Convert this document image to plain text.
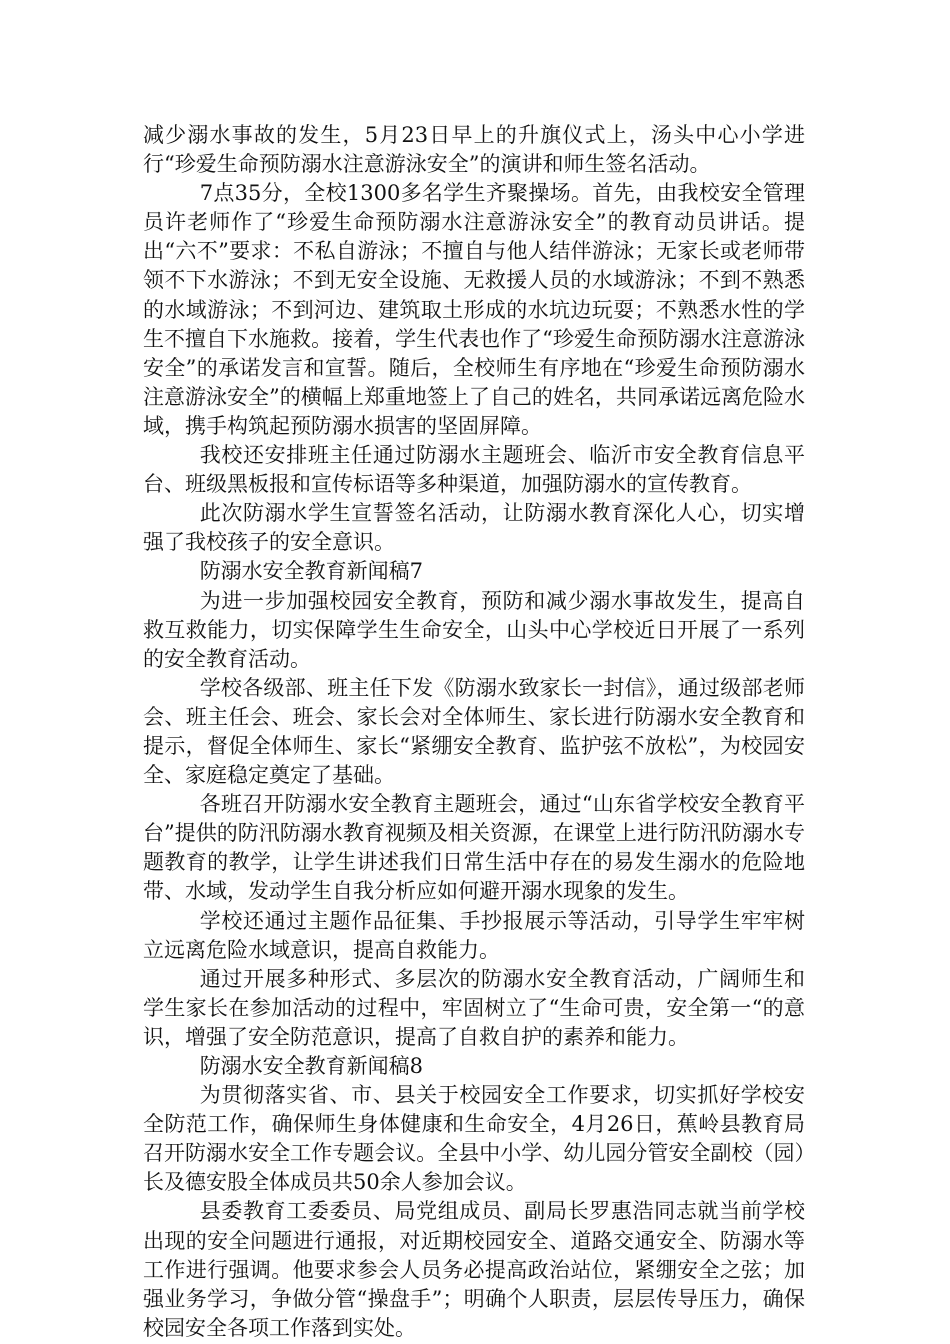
减少溺水事故的发生，5月23日早上的升旗仪式上，汤头中心小学进行“珍爱生命预防溺水注意游泳安全”的演讲和师生签名活动。

7点35分，全校1300多名学生齐聚操场。首先，由我校安全管理员许老师作了“珍爱生命预防溺水注意游泳安全”的教育动员讲话。提出“六不”要求：不私自游泳；不擅自与他人结伴游泳；无家长或老师带领不下水游泳；不到无安全设施、无救援人员的水域游泳；不到不熟悉的水域游泳；不到河边、建筑取土形成的水坑边玩耍；不熟悉水性的学生不擅自下水施救。接着，学生代表也作了“珍爱生命预防溺水注意游泳安全”的承诺发言和宣誓。随后，全校师生有序地在“珍爱生命预防溺水注意游泳安全”的横幅上郑重地签上了自己的姓名，共同承诺远离危险水域，携手构筑起预防溺水损害的坚固屏障。

我校还安排班主任通过防溺水主题班会、临沂市安全教育信息平台、班级黑板报和宣传标语等多种渠道，加强防溺水的宣传教育。

此次防溺水学生宣誓签名活动，让防溺水教育深化人心，切实增强了我校孩子的安全意识。

防溺水安全教育新闻稿7

为进一步加强校园安全教育，预防和减少溺水事故发生，提高自救互救能力，切实保障学生生命安全，山头中心学校近日开展了一系列的安全教育活动。

学校各级部、班主任下发《防溺水致家长一封信》，通过级部老师会、班主任会、班会、家长会对全体师生、家长进行防溺水安全教育和提示，督促全体师生、家长“紧绷安全教育、监护弦不放松”，为校园安全、家庭稳定奠定了基础。

各班召开防溺水安全教育主题班会，通过“山东省学校安全教育平台”提供的防汛防溺水教育视频及相关资源，在课堂上进行防汛防溺水专题教育的教学，让学生讲述我们日常生活中存在的易发生溺水的危险地带、水域，发动学生自我分析应如何避开溺水现象的发生。

学校还通过主题作品征集、手抄报展示等活动，引导学生牢牢树立远离危险水域意识，提高自救能力。

通过开展多种形式、多层次的防溺水安全教育活动，广阔师生和学生家长在参加活动的过程中，牢固树立了“生命可贵，安全第一“的意识，增强了安全防范意识，提高了自救自护的素养和能力。

防溺水安全教育新闻稿8

为贯彻落实省、市、县关于校园安全工作要求，切实抓好学校安全防范工作，确保师生身体健康和生命安全，4月26日，蕉岭县教育局召开防溺水安全工作专题会议。全县中小学、幼儿园分管安全副校（园）长及德安股全体成员共50余人参加会议。

县委教育工委委员、局党组成员、副局长罗惠浩同志就当前学校出现的安全问题进行通报，对近期校园安全、道路交通安全、防溺水等工作进行强调。他要求参会人员务必提高政治站位，紧绷安全之弦；加强业务学习，争做分管“操盘手”；明确个人职责，层层传导压力，确保校园安全各项工作落到实处。
